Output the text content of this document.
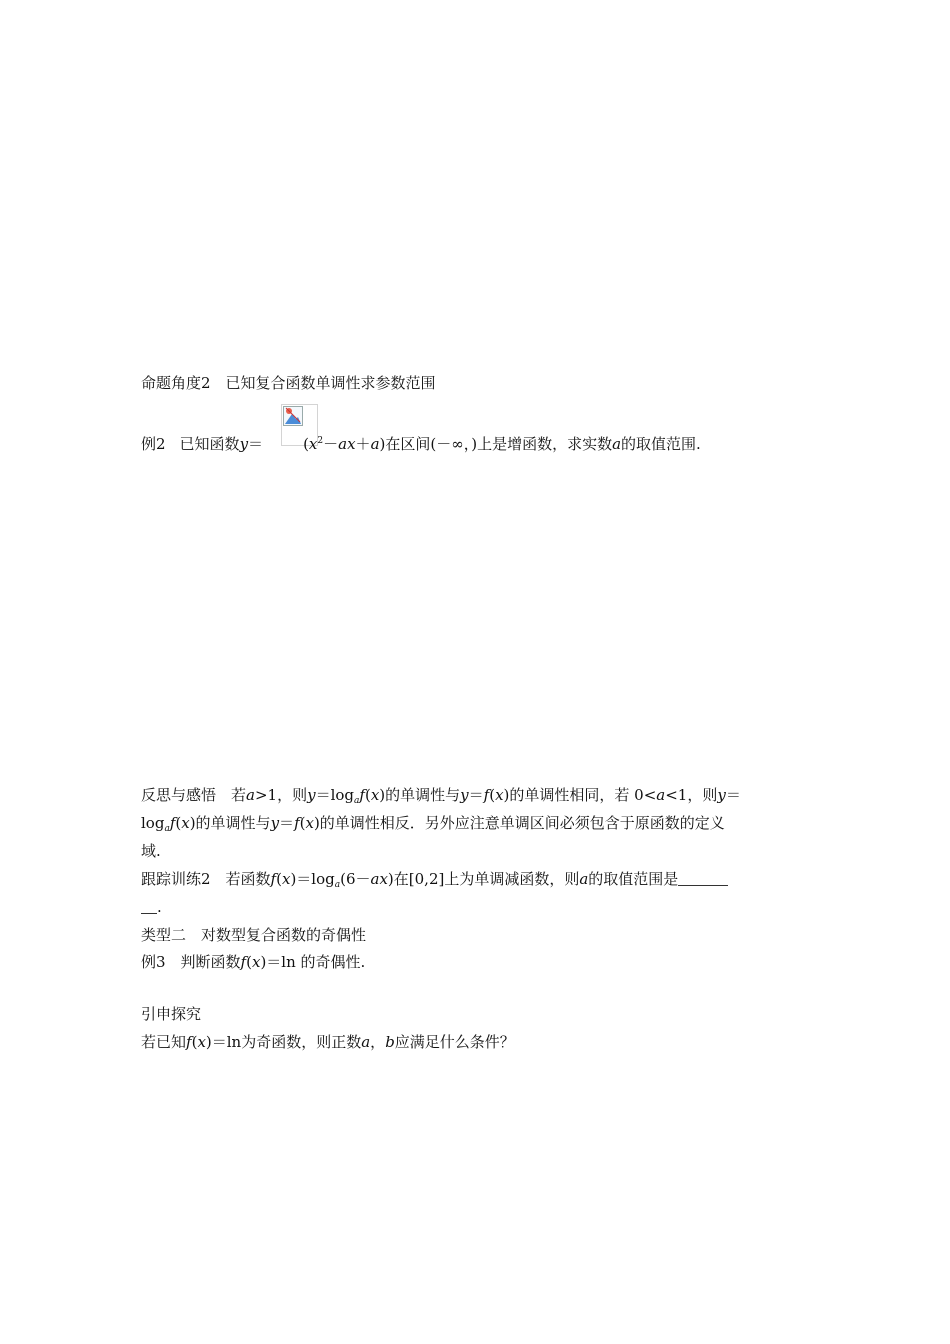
命题角度2　已知复合函数单调性求参数范围
例2 已知函数y＝	$(x^2-ax+a)$在区间(－∞，)上是增函数，求实数a的取值范围.
反思与感悟　若a>1，则$y=\log_af(x)$的单调性与y＝f(x)的单调性相同，若 0<a<1，则y＝
$\log_af(x)$的单调性与y＝f(x)的单调性相反．另外应注意单调区间必须包含于原函数的定义
域.
跟踪训练2　若函数$f(x)=\log_a(6-ax)$在[0,2]上为单调减函数，则a的取值范围是
.
类型二　对数型复合函数的奇偶性
例3　判断函数f(x)＝ln 的奇偶性.
引申探究
若已知f(x)＝ln为奇函数，则正数a，b应满足什么条件？
